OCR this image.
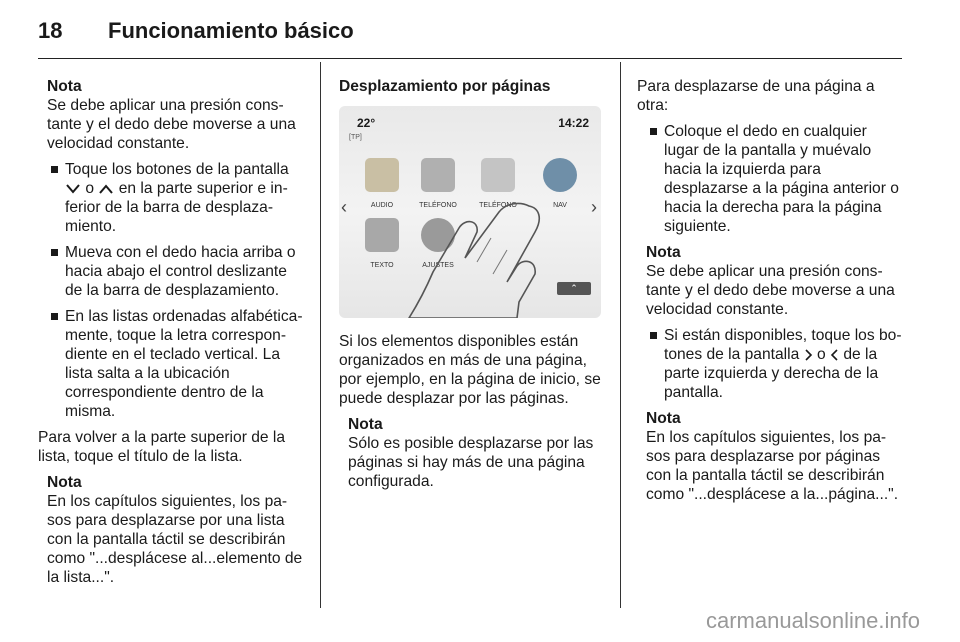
18 Funcionamiento básico
Nota
Se debe aplicar una presión constante y el dedo debe moverse a una velocidad constante.
Toque los botones de la pantalla  o en la parte superior e inferior de la barra de desplazamiento.
Mueva con el dedo hacia arriba o hacia abajo el control deslizante de la barra de desplazamiento.
En las listas ordenadas alfabéticamente, toque la letra correspondiente en el teclado vertical. La lista salta a la ubicación correspondiente dentro de la misma.

Para volver a la parte superior de la lista, toque el título de la lista.

Nota
En los capítulos siguientes, los pasos para desplazarse por una lista con la pantalla táctil se describirán como "...desplácese al...elemento de la lista...".
Desplazamiento por páginas
22°
[TP]
14:22
‹	›
AUDIO	TELÉFONO	TELÉFONO	NAV
TEXTO	AJUSTES
⌃

Si los elementos disponibles están organizados en más de una página, por ejemplo, en la página de inicio, se puede desplazar por las páginas.

Nota
Sólo es posible desplazarse por las páginas si hay más de una página configurada.

Para desplazarse de una página a otra:

Coloque el dedo en cualquier lugar de la pantalla y muévalo hacia la izquierda para desplazarse a la página anterior o hacia la derecha para la página siguiente.
Nota
Se debe aplicar una presión constante y el dedo debe moverse a una velocidad constante.
Si están disponibles, toque los botones de la pantalla o de la parte izquierda y derecha de la pantalla.
Nota
En los capítulos siguientes, los pasos para desplazarse por páginas con la pantalla táctil se describirán como "...desplácese a la...página...".
carmanualsonline.info
